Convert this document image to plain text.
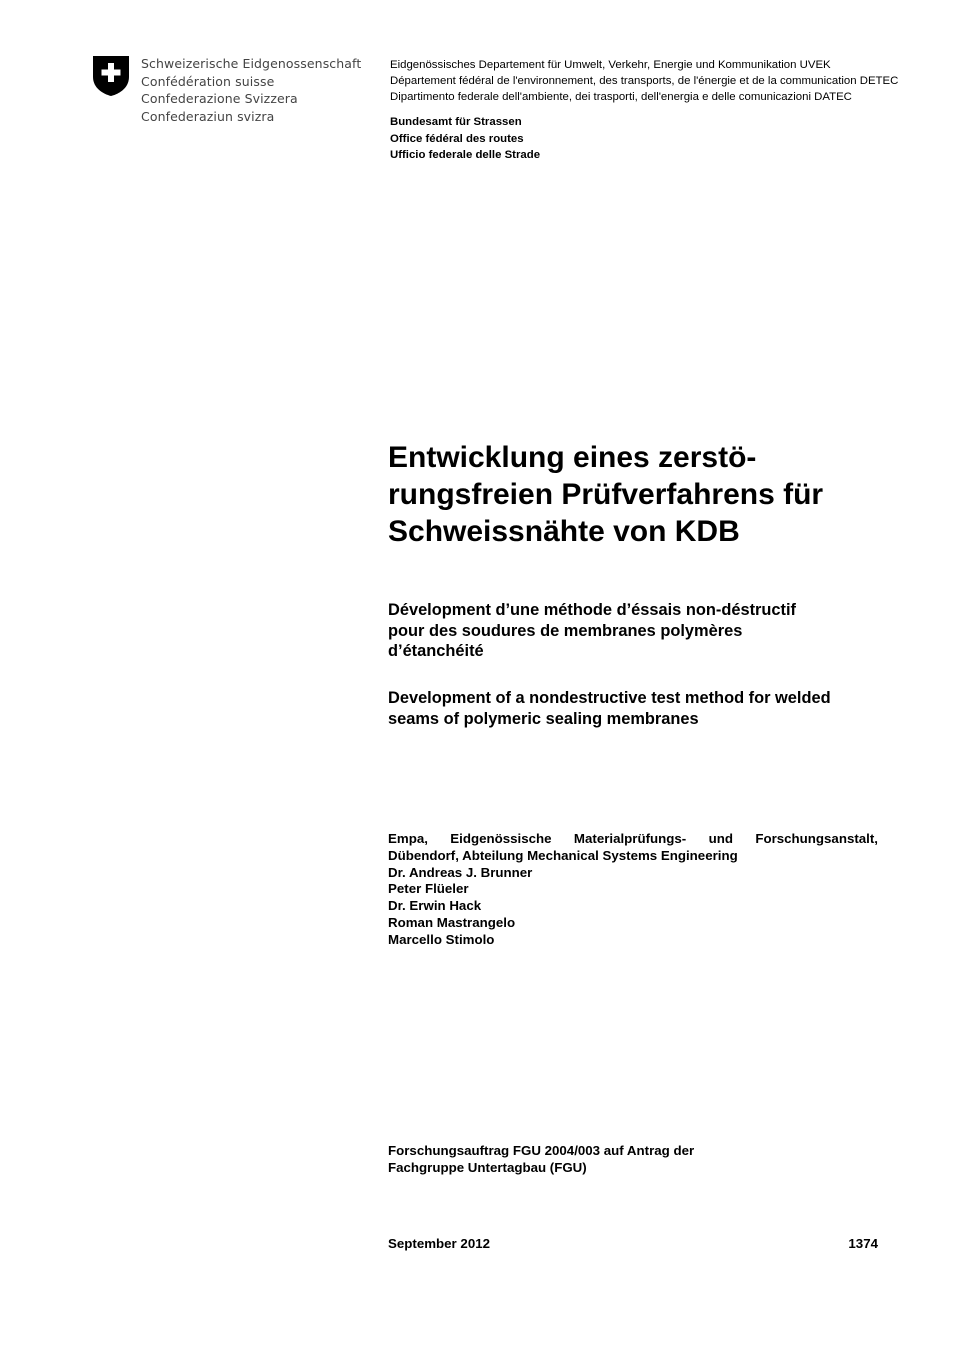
Schweizerische Eidgenossenschaft
Confédération suisse
Confederazione Svizzera
Confederaziun svizra
Eidgenössisches Departement für Umwelt, Verkehr, Energie und Kommunikation UVEK
Département fédéral de l'environnement, des transports, de l'énergie et de la communication DETEC
Dipartimento federale dell'ambiente, dei trasporti, dell'energia e delle comunicazioni DATEC
Bundesamt für Strassen
Office fédéral des routes
Ufficio federale delle Strade
Entwicklung eines zerstö-
rungsfreien Prüfverfahrens für
Schweissnähte von KDB
Dévelopment d’une méthode d’éssais non-déstructif
pour des soudures de membranes polymères
d’étanchéité
Development of a nondestructive test method for welded
seams of polymeric sealing membranes
Empa, Eidgenössische Materialprüfungs- und Forschungsanstalt,
Dübendorf, Abteilung Mechanical Systems Engineering
Dr. Andreas J. Brunner
Peter Flüeler
Dr. Erwin Hack
Roman Mastrangelo
Marcello Stimolo
Forschungsauftrag FGU 2004/003 auf Antrag der
Fachgruppe Untertagbau (FGU)
September 2012	1374
